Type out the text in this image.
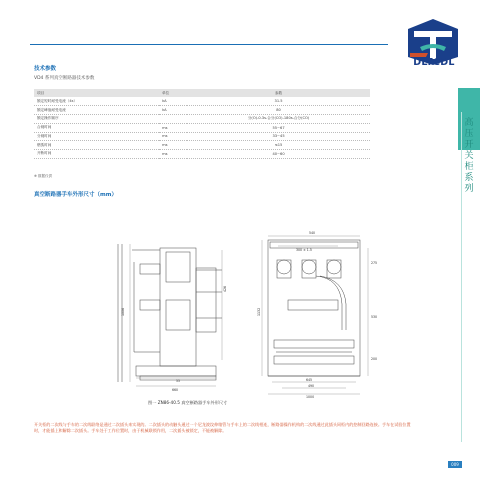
DLTCDL
高
压
开
关
柜
系
列
技术参数
VD4 系列真空断路器技术参数
项目	单位	参数
额定短时耐受电流（4s）	kA	31.5
额定峰值耐受电流	kA	80
额定操作顺序		分(O)-0.3s-合分(CO)-180s-合分(CO)
合闸时间	ms	55~67
分闸时间	ms	33~45
燃弧时间	ms	≤15
开断时间	ms	40~60
※ 数据仅供
真空断路器手车外形尺寸（mm）
1006
426
660
55
540
300 ± 1.5
275
1132
530
200
645
490
1000
图一 ZN86-40.5 真空断路器手车外形尺寸
开关柜的二次线与手车的二次线联络是通过二次插头来实现的。二次插头的动触头通过一个尼龙波纹伸缩管与手车上的二次线相连，断路器操作机构的二次线通过此插头同柜内的控制回路连接。手车在试验位置时，才能插上和解除二次插头。手车处于工作位置时，由于机械联锁作用，二次插头被锁定，不能被解除。
009
